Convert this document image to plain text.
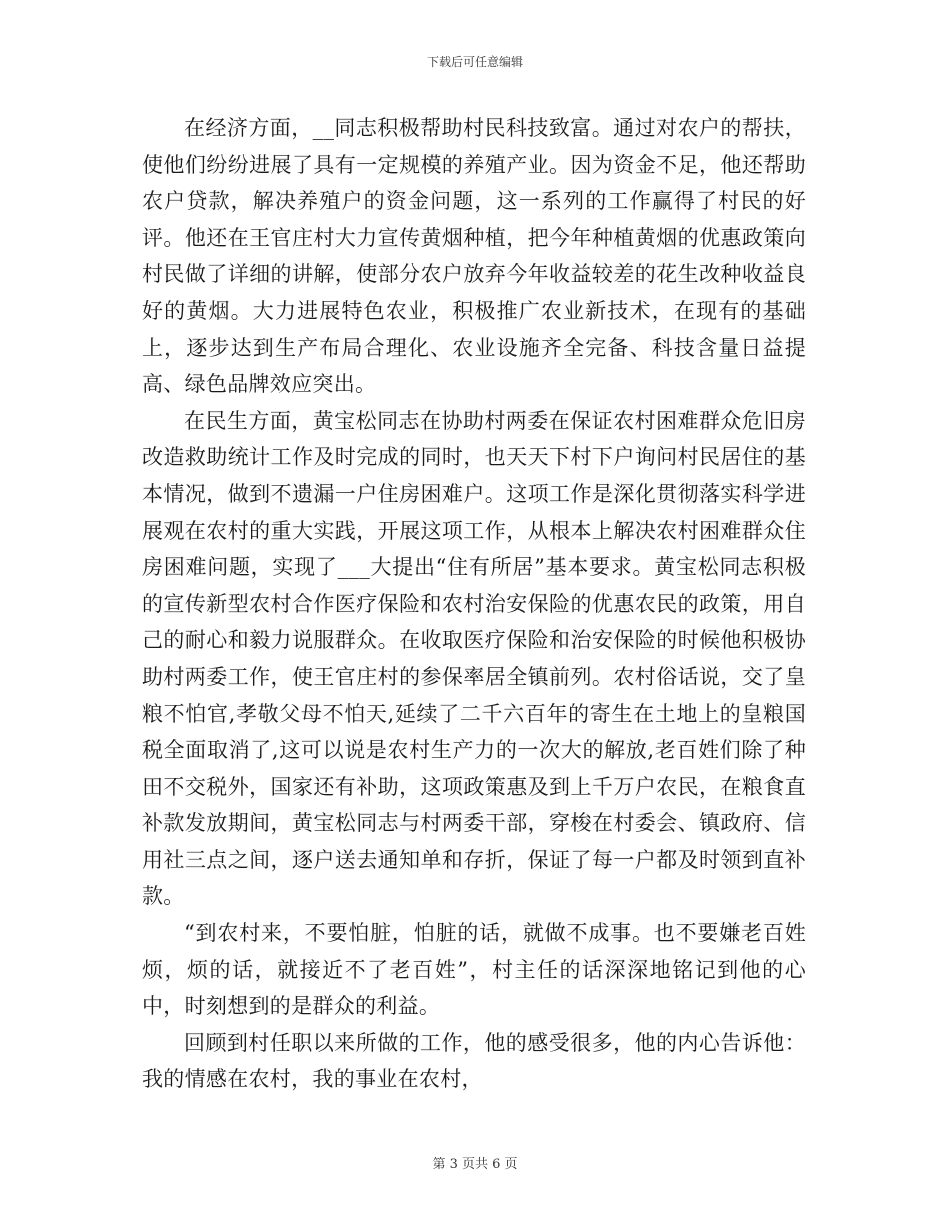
下载后可任意编辑

在经济方面，__同志积极帮助村民科技致富。通过对农户的帮扶，使他们纷纷进展了具有一定规模的养殖产业。因为资金不足，他还帮助农户贷款，解决养殖户的资金问题，这一系列的工作赢得了村民的好评。他还在王官庄村大力宣传黄烟种植，把今年种植黄烟的优惠政策向村民做了详细的讲解，使部分农户放弃今年收益较差的花生改种收益良好的黄烟。大力进展特色农业，积极推广农业新技术，在现有的基础上，逐步达到生产布局合理化、农业设施齐全完备、科技含量日益提高、绿色品牌效应突出。

在民生方面，黄宝松同志在协助村两委在保证农村困难群众危旧房改造救助统计工作及时完成的同时，也天天下村下户询问村民居住的基本情况，做到不遗漏一户住房困难户。这项工作是深化贯彻落实科学进展观在农村的重大实践，开展这项工作，从根本上解决农村困难群众住房困难问题，实现了___大提出“住有所居”基本要求。黄宝松同志积极的宣传新型农村合作医疗保险和农村治安保险的优惠农民的政策，用自己的耐心和毅力说服群众。在收取医疗保险和治安保险的时候他积极协助村两委工作，使王官庄村的参保率居全镇前列。农村俗话说，交了皇粮不怕官,孝敬父母不怕天,延续了二千六百年的寄生在土地上的皇粮国税全面取消了,这可以说是农村生产力的一次大的解放,老百姓们除了种田不交税外，国家还有补助，这项政策惠及到上千万户农民，在粮食直补款发放期间，黄宝松同志与村两委干部，穿梭在村委会、镇政府、信用社三点之间，逐户送去通知单和存折，保证了每一户都及时领到直补款。

“到农村来，不要怕脏，怕脏的话，就做不成事。也不要嫌老百姓烦，烦的话，就接近不了老百姓”，村主任的话深深地铭记到他的心中，时刻想到的是群众的利益。

回顾到村任职以来所做的工作，他的感受很多，他的内心告诉他：我的情感在农村，我的事业在农村，

第 3 页共 6 页
